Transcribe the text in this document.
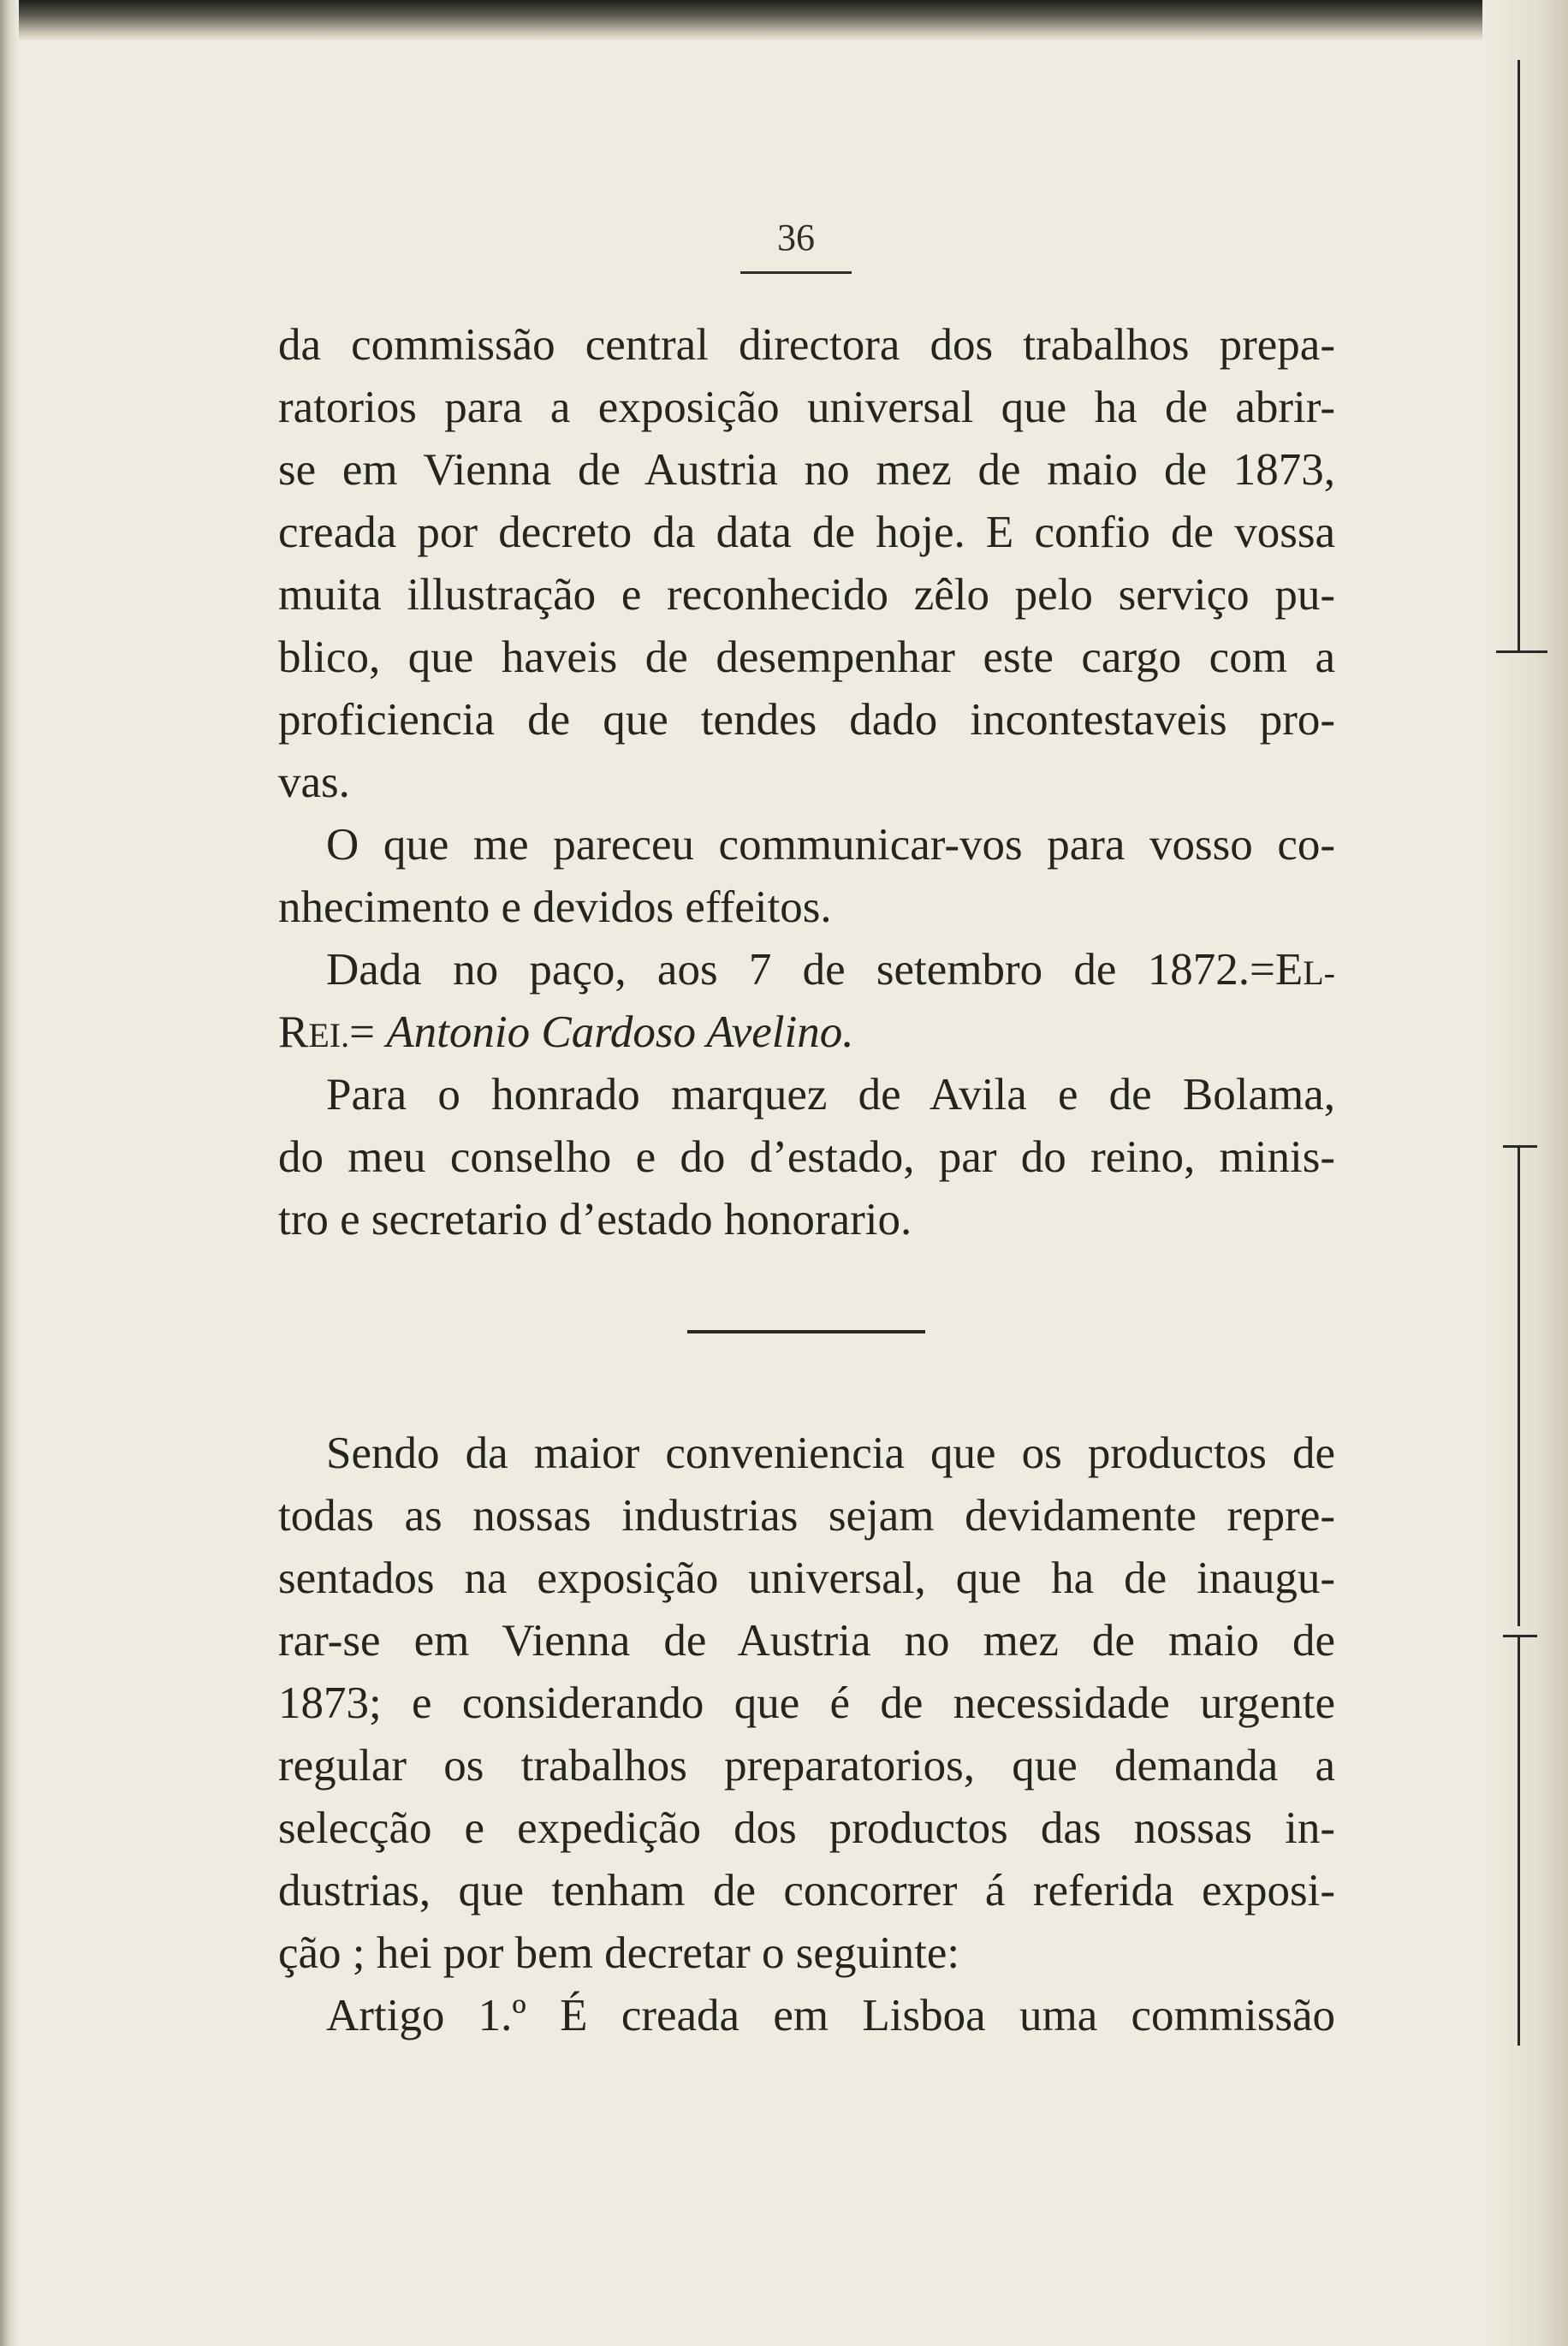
36
da commissão central directora dos trabalhos prepa-
ratorios para a exposição universal que ha de abrir-
se em Vienna de Austria no mez de maio de 1873,
creada por decreto da data de hoje. E confio de vossa
muita illustração e reconhecido zêlo pelo serviço pu-
blico, que haveis de desempenhar este cargo com a
proficiencia de que tendes dado incontestaveis pro-
vas.
O que me pareceu communicar-vos para vosso co-
nhecimento e devidos effeitos.
Dada no paço, aos 7 de setembro de 1872.=EL-
REI.= Antonio Cardoso Avelino.
Para o honrado marquez de Avila e de Bolama,
do meu conselho e do d’estado, par do reino, minis-
tro e secretario d’estado honorario.
Sendo da maior conveniencia que os productos de
todas as nossas industrias sejam devidamente repre-
sentados na exposição universal, que ha de inaugu-
rar-se em Vienna de Austria no mez de maio de
1873; e considerando que é de necessidade urgente
regular os trabalhos preparatorios, que demanda a
selecção e expedição dos productos das nossas in-
dustrias, que tenham de concorrer á referida exposi-
ção ; hei por bem decretar o seguinte:
Artigo 1.º É creada em Lisboa uma commissão
